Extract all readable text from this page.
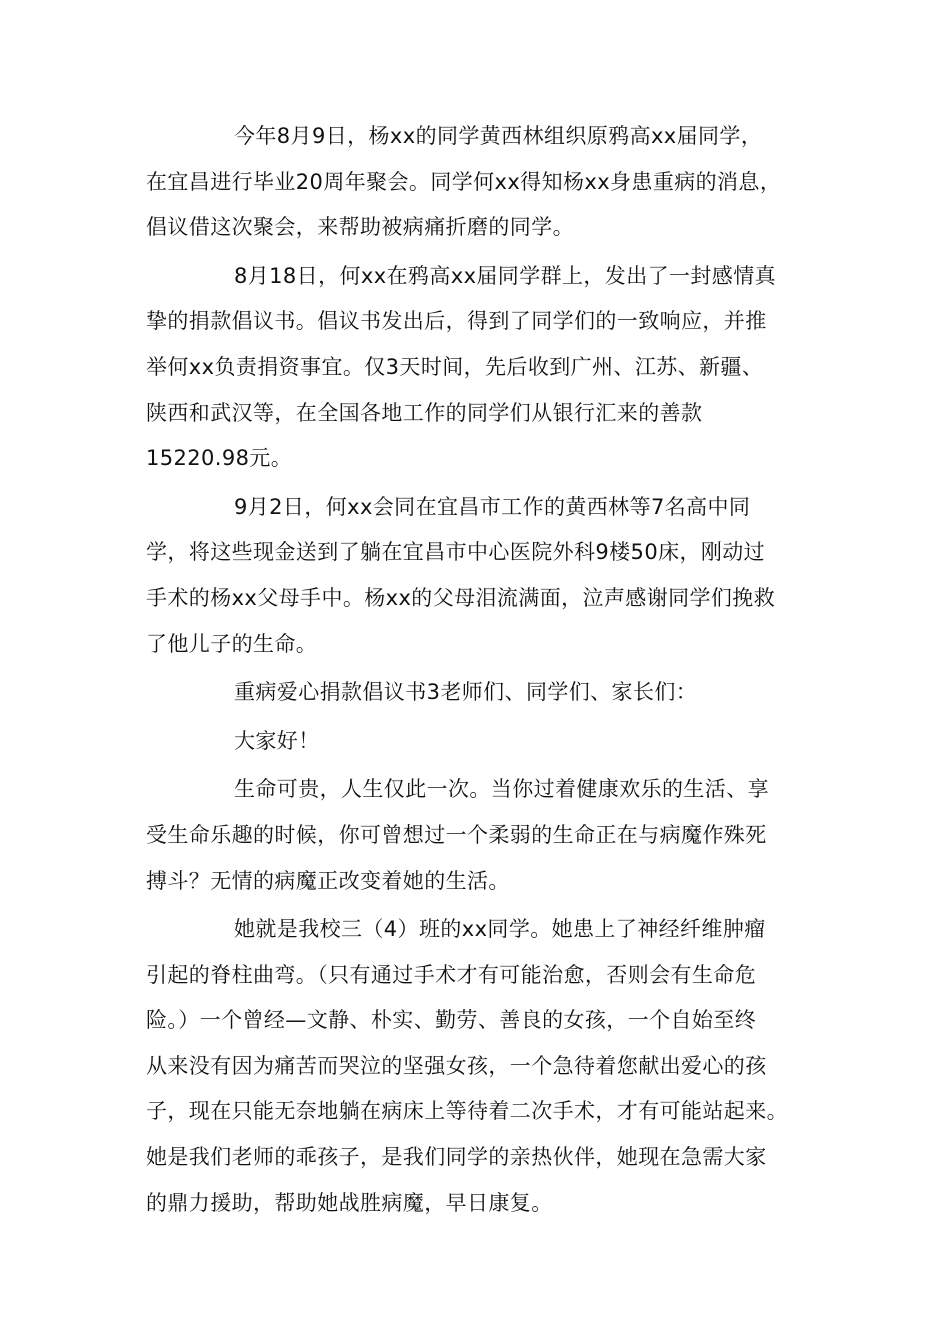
今年8月9日，杨xx的同学黄西林组织原鸦高xx届同学，
在宜昌进行毕业20周年聚会。同学何xx得知杨xx身患重病的消息，
倡议借这次聚会，来帮助被病痛折磨的同学。

8月18日，何xx在鸦高xx届同学群上，发出了一封感情真
挚的捐款倡议书。倡议书发出后，得到了同学们的一致响应，并推
举何xx负责捐资事宜。仅3天时间，先后收到广州、江苏、新疆、
陕西和武汉等，在全国各地工作的同学们从银行汇来的善款
15220.98元。

9月2日，何xx会同在宜昌市工作的黄西林等7名高中同
学，将这些现金送到了躺在宜昌市中心医院外科9楼50床，刚动过
手术的杨xx父母手中。杨xx的父母泪流满面，泣声感谢同学们挽救
了他儿子的生命。

重病爱心捐款倡议书3老师们、同学们、家长们：

大家好！

生命可贵，人生仅此一次。当你过着健康欢乐的生活、享
受生命乐趣的时候，你可曾想过一个柔弱的生命正在与病魔作殊死
搏斗？无情的病魔正改变着她的生活。

她就是我校三（4）班的xx同学。她患上了神经纤维肿瘤
引起的脊柱曲弯。（只有通过手术才有可能治愈，否则会有生命危
险。）一个曾经—文静、朴实、勤劳、善良的女孩，一个自始至终
从来没有因为痛苦而哭泣的坚强女孩，一个急待着您献出爱心的孩
子，现在只能无奈地躺在病床上等待着二次手术，才有可能站起来。
她是我们老师的乖孩子，是我们同学的亲热伙伴，她现在急需大家
的鼎力援助，帮助她战胜病魔，早日康复。
